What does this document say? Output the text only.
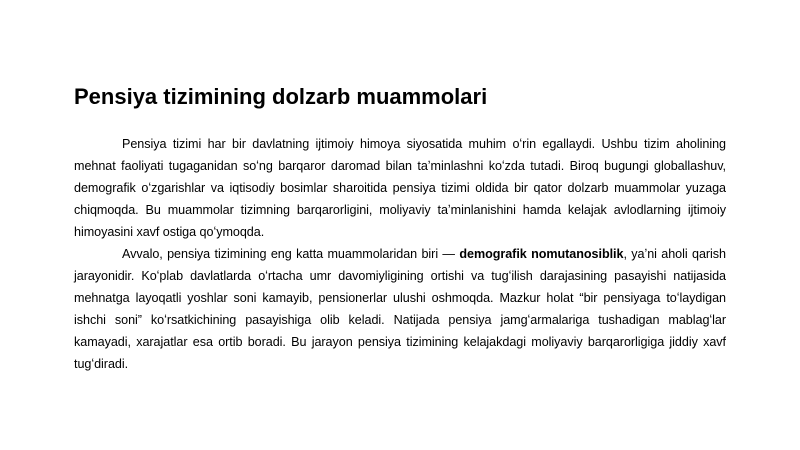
Pensiya tizimining dolzarb muammolari

Pensiya tizimi har bir davlatning ijtimoiy himoya siyosatida muhim oʻrin egallaydi. Ushbu tizim aholining mehnat faoliyati tugaganidan soʻng barqaror daromad bilan taʼminlashni koʻzda tutadi. Biroq bugungi globallashuv, demografik oʻzgarishlar va iqtisodiy bosimlar sharoitida pensiya tizimi oldida bir qator dolzarb muammolar yuzaga chiqmoqda. Bu muammolar tizimning barqarorligini, moliyaviy taʼminlanishini hamda kelajak avlodlarning ijtimoiy himoyasini xavf ostiga qoʻymoqda.

Avvalo, pensiya tizimining eng katta muammolaridan biri — demografik nomutanosiblik, yaʼni aholi qarish jarayonidir. Koʻplab davlatlarda oʻrtacha umr davomiyligining ortishi va tugʻilish darajasining pasayishi natijasida mehnatga layoqatli yoshlar soni kamayib, pensionerlar ulushi oshmoqda. Mazkur holat “bir pensiyaga toʻlaydigan ishchi soni” koʻrsatkichining pasayishiga olib keladi. Natijada pensiya jamgʻarmalariga tushadigan mablagʻlar kamayadi, xarajatlar esa ortib boradi. Bu jarayon pensiya tizimining kelajakdagi moliyaviy barqarorligiga jiddiy xavf tugʻdiradi.
